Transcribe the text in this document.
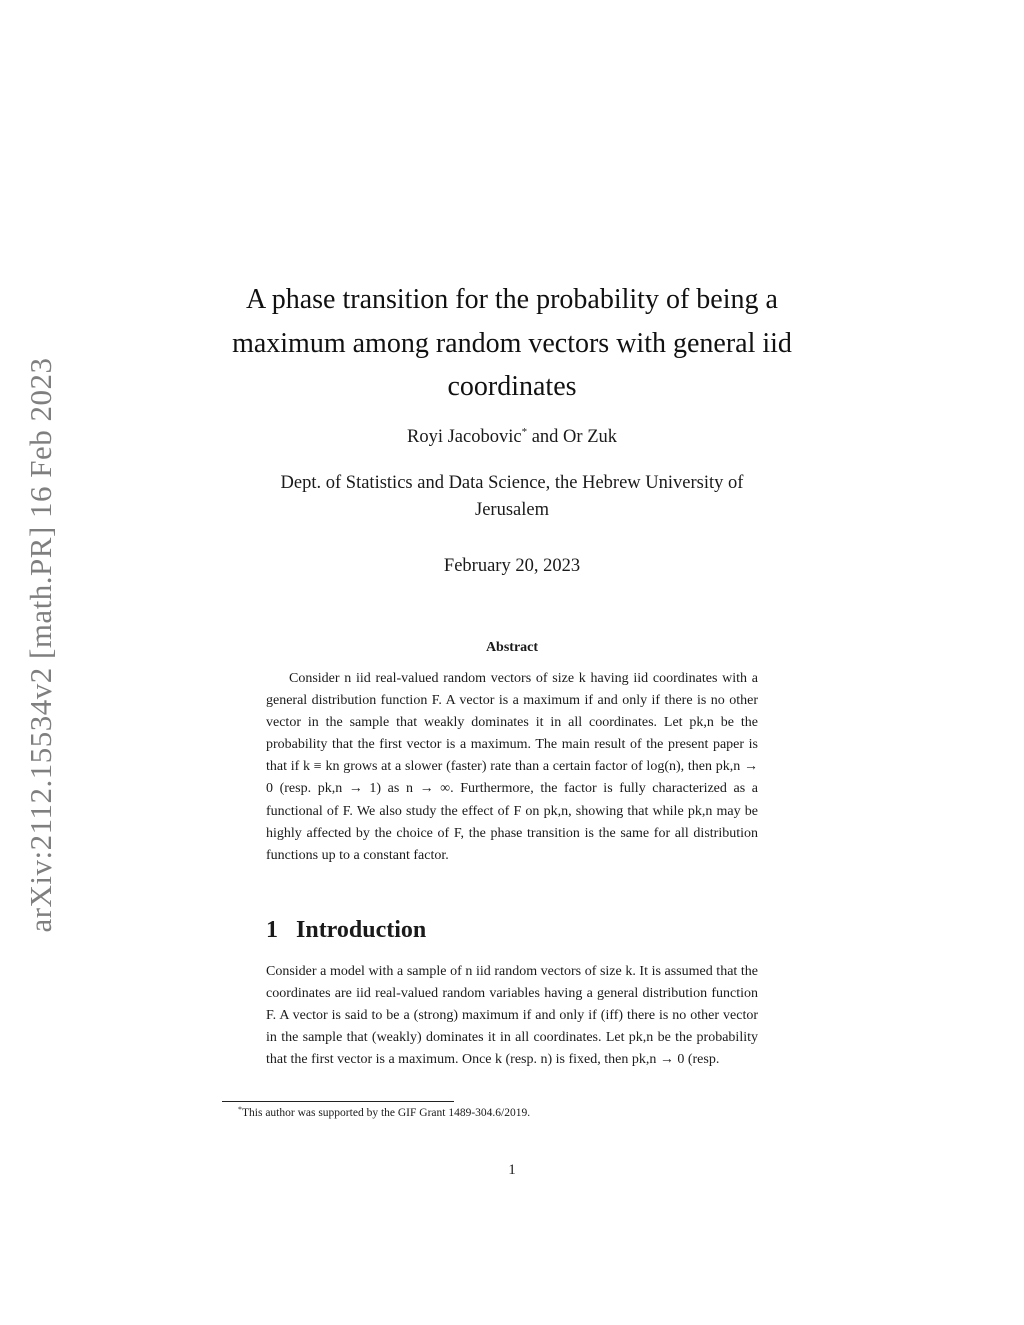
arXiv:2112.15534v2 [math.PR] 16 Feb 2023
A phase transition for the probability of being a
maximum among random vectors with general iid
coordinates
Royi Jacobovic* and Or Zuk
Dept. of Statistics and Data Science, the Hebrew University of
Jerusalem
February 20, 2023
Abstract

Consider n iid real-valued random vectors of size k having iid coordinates with a general distribution function F. A vector is a maximum if and only if there is no other vector in the sample that weakly dominates it in all coordinates. Let pk,n be the probability that the first vector is a maximum. The main result of the present paper is that if k ≡ kn grows at a slower (faster) rate than a certain factor of log(n), then pk,n → 0 (resp. pk,n → 1) as n → ∞. Furthermore, the factor is fully characterized as a functional of F. We also study the effect of F on pk,n, showing that while pk,n may be highly affected by the choice of F, the phase transition is the same for all distribution functions up to a constant factor.

1 Introduction

Consider a model with a sample of n iid random vectors of size k. It is assumed that the coordinates are iid real-valued random variables having a general distribution function F. A vector is said to be a (strong) maximum if and only if (iff) there is no other vector in the sample that (weakly) dominates it in all coordinates. Let pk,n be the probability that the first vector is a maximum. Once k (resp. n) is fixed, then pk,n → 0 (resp.

*This author was supported by the GIF Grant 1489-304.6/2019.
1
